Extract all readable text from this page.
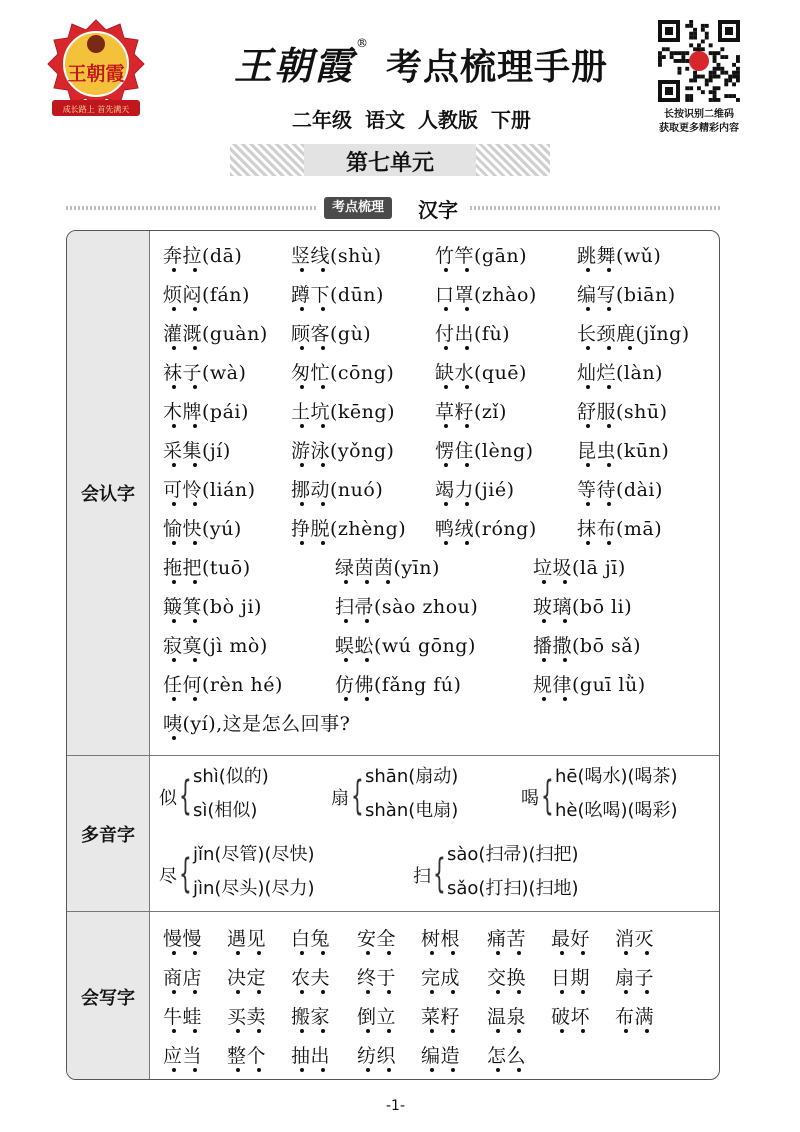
王朝霞
成长路上 首先满天
王朝霞 ®
考点梳理手册
二年级 语文 人教版 下册
第七单元
长按识别二维码
获取更多精彩内容
考点梳理	汉字
会认字
奔拉(dā)	竖线(shù)	竹竿(gān)	跳舞(wǔ)
烦闷(fán) 蹲下(dūn)	口罩(zhào) 编写(biān)
灌溉(guàn) 顾客(gù)	付出(fù)	长颈鹿(jǐng)
袜子(wà) 匆忙(cōng) 缺水(quē)	灿烂(làn)
木牌(pái) 土坑(kēng) 草籽(zǐ)	舒服(shū)
采集(jí)	游泳(yǒng) 愣住(lèng) 昆虫(kūn)
可怜(lián) 挪动(nuó)	竭力(jié)	等待(dài)
愉快(yú)	挣脱(zhèng) 鸭绒(róng) 抹布(mā)
拖把(tuō)	绿茵茵(yīn)	垃圾(lā jī)
簸箕(bò ji)	扫帚(sào zhou)	玻璃(bō li)
寂寞(jì mò)	蜈蚣(wú gōng)	播撒(bō sǎ)
任何(rèn hé)	仿佛(fǎng fú)	规律(guī lǜ)
咦(yí),这是怎么回事?
多音字
似 { shì(似的)
sì(相似)
扇 { shān(扇动)
shàn(电扇)
喝 { hē(喝水)(喝茶)
hè(吆喝)(喝彩)
尽 { jǐn(尽管)(尽快)
jìn(尽头)(尽力)
扫 { sào(扫帚)(扫把)
sǎo(打扫)(扫地)
会写字
慢慢 遇见 白兔 安全 树根 痛苦 最好 消灭
商店 决定 农夫 终于 完成 交换 日期 扇子
牛蛙 买卖 搬家 倒立 菜籽 温泉 破坏 布满
应当 整个 抽出 纺织 编造 怎么
-1-
